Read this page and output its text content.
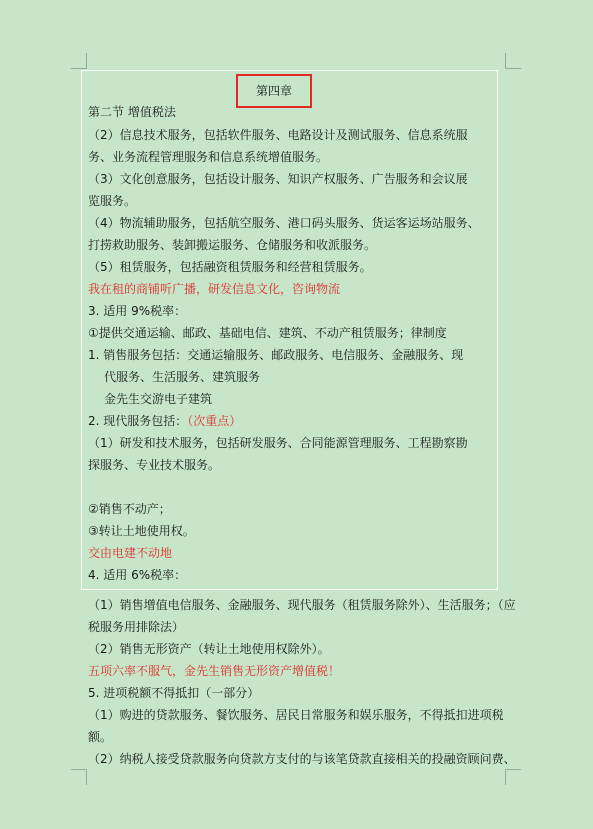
第四章
第二节 增值税法
（2）信息技术服务，包括软件服务、电路设计及测试服务、信息系统服
务、业务流程管理服务和信息系统增值服务。
（3）文化创意服务，包括设计服务、知识产权服务、广告服务和会议展
览服务。
（4）物流辅助服务，包括航空服务、港口码头服务、货运客运场站服务、
打捞救助服务、装卸搬运服务、仓储服务和收派服务。
（5）租赁服务，包括融资租赁服务和经营租赁服务。
我在租的商铺听广播，研发信息文化，咨询物流
3. 适用 9%税率：
①提供交通运输、邮政、基础电信、建筑、不动产租赁服务；律制度
1. 销售服务包括：交通运输服务、邮政服务、电信服务、金融服务、现
代服务、生活服务、建筑服务
金先生交游电子建筑
2. 现代服务包括：（次重点）
（1）研发和技术服务，包括研发服务、合同能源管理服务、工程勘察勘
探服务、专业技术服务。
②销售不动产；
③转让土地使用权。
交由电建不动地
4. 适用 6%税率：
（1）销售增值电信服务、金融服务、现代服务（租赁服务除外）、生活服务；（应
税服务用排除法）
（2）销售无形资产（转让土地使用权除外）。
五项六率不服气，金先生销售无形资产增值税！
5. 进项税额不得抵扣（一部分）
（1）购进的贷款服务、餐饮服务、居民日常服务和娱乐服务，不得抵扣进项税
额。
（2）纳税人接受贷款服务向贷款方支付的与该笔贷款直接相关的投融资顾问费、
